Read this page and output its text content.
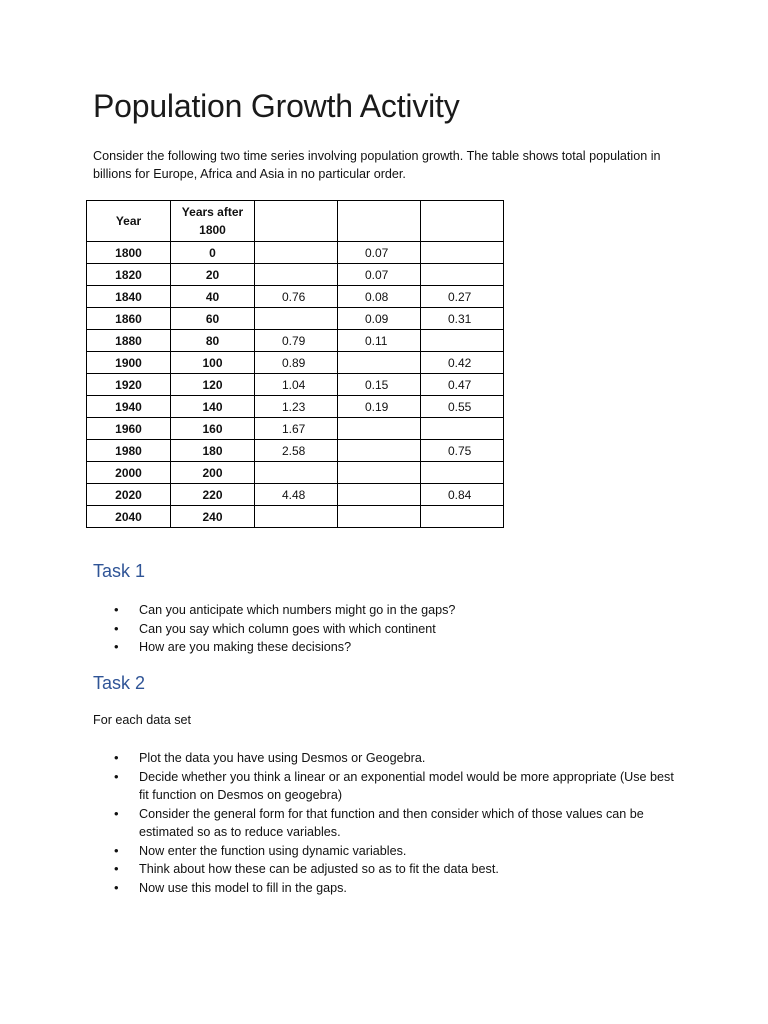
Population Growth Activity

Consider the following two time series involving population growth. The table shows total population in billions for Europe, Africa and Asia in no particular order.

Year	Years after 1800			
1800	0		0.07	
1820	20		0.07	
1840	40	0.76	0.08	0.27
1860	60		0.09	0.31
1880	80	0.79	0.11	
1900	100	0.89		0.42
1920	120	1.04	0.15	0.47
1940	140	1.23	0.19	0.55
1960	160	1.67		
1980	180	2.58		0.75
2000	200			
2020	220	4.48		0.84
2040	240			
Task 1
• Can you anticipate which numbers might go in the gaps?
• Can you say which column goes with which continent
• How are you making these decisions?
Task 2

For each data set

• Plot the data you have using Desmos or Geogebra.
• Decide whether you think a linear or an exponential model would be more appropriate (Use best fit function on Desmos on geogebra)
• Consider the general form for that function and then consider which of those values can be estimated so as to reduce variables.
• Now enter the function using dynamic variables.
• Think about how these can be adjusted so as to fit the data best.
• Now use this model to fill in the gaps.
